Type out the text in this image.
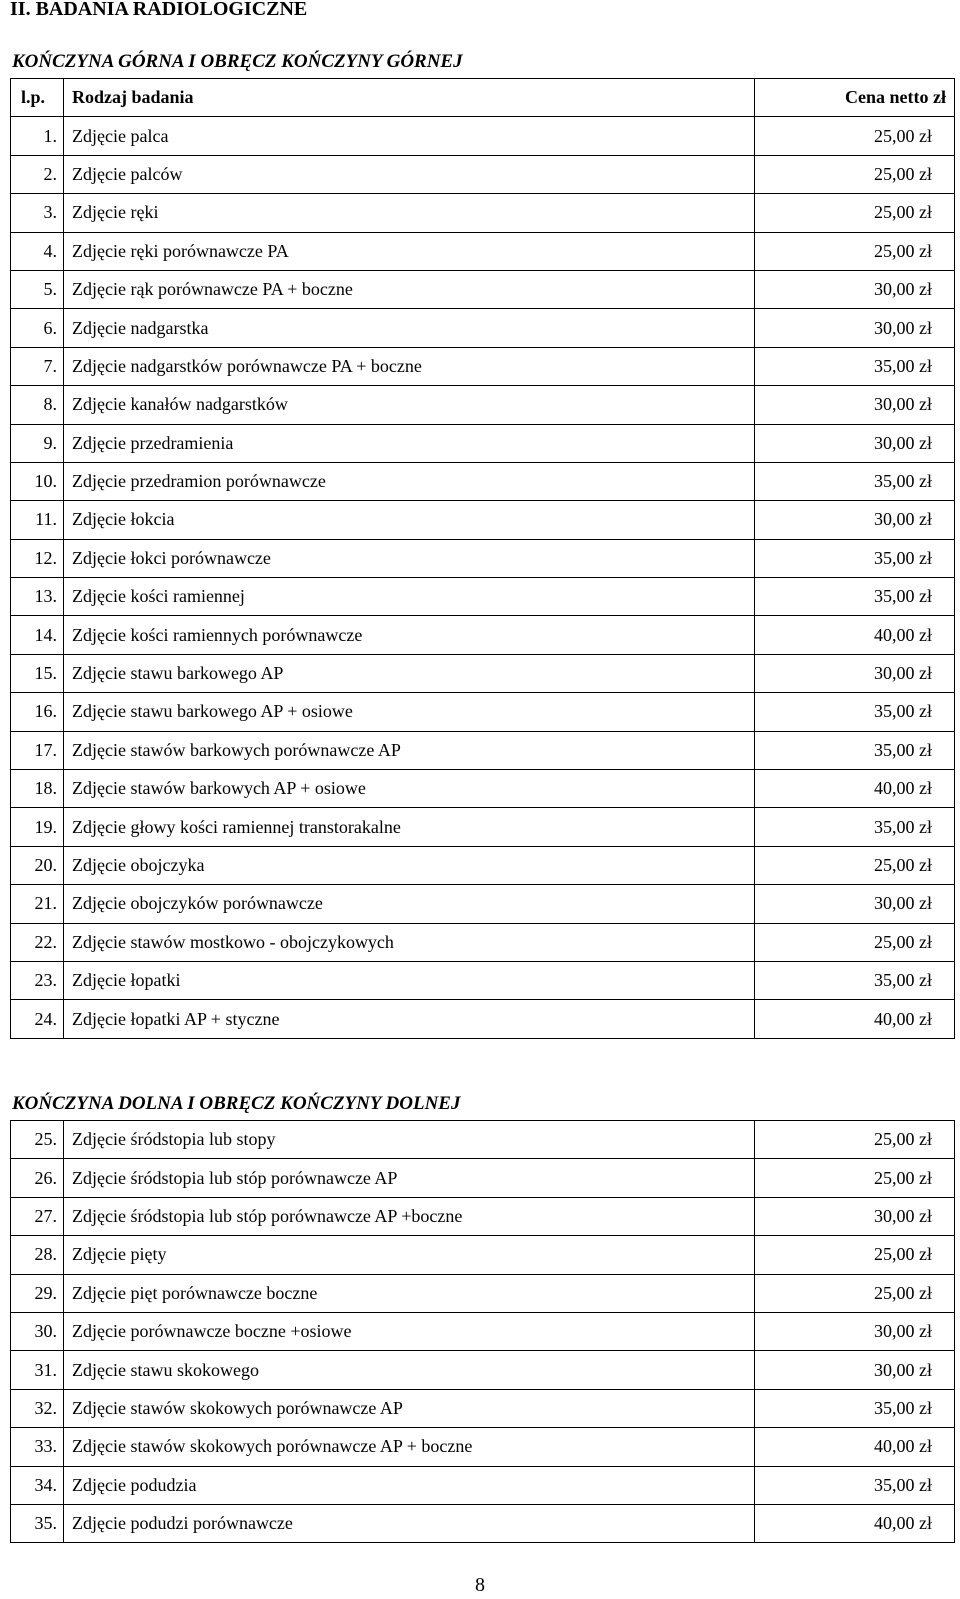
II. BADANIA RADIOLOGICZNE
KOŃCZYNA GÓRNA I OBRĘCZ KOŃCZYNY GÓRNEJ
l.p.	Rodzaj badania	Cena netto zł
1.	Zdjęcie palca	25,00 zł
2.	Zdjęcie palców	25,00 zł
3.	Zdjęcie ręki	25,00 zł
4.	Zdjęcie ręki porównawcze PA	25,00 zł
5.	Zdjęcie rąk porównawcze PA + boczne	30,00 zł
6.	Zdjęcie nadgarstka	30,00 zł
7.	Zdjęcie nadgarstków porównawcze PA + boczne	35,00 zł
8.	Zdjęcie kanałów nadgarstków	30,00 zł
9.	Zdjęcie przedramienia	30,00 zł
10.	Zdjęcie przedramion porównawcze	35,00 zł
11.	Zdjęcie łokcia	30,00 zł
12.	Zdjęcie łokci porównawcze	35,00 zł
13.	Zdjęcie kości ramiennej	35,00 zł
14.	Zdjęcie kości ramiennych porównawcze	40,00 zł
15.	Zdjęcie stawu barkowego AP	30,00 zł
16.	Zdjęcie stawu barkowego AP + osiowe	35,00 zł
17.	Zdjęcie stawów barkowych porównawcze AP	35,00 zł
18.	Zdjęcie stawów barkowych AP + osiowe	40,00 zł
19.	Zdjęcie głowy kości ramiennej transtorakalne	35,00 zł
20.	Zdjęcie obojczyka	25,00 zł
21.	Zdjęcie obojczyków porównawcze	30,00 zł
22.	Zdjęcie stawów mostkowo - obojczykowych	25,00 zł
23.	Zdjęcie łopatki	35,00 zł
24.	Zdjęcie łopatki AP + styczne	40,00 zł
KOŃCZYNA DOLNA I OBRĘCZ KOŃCZYNY DOLNEJ
25.	Zdjęcie śródstopia lub stopy	25,00 zł
26.	Zdjęcie śródstopia lub stóp porównawcze AP	25,00 zł
27.	Zdjęcie śródstopia lub stóp porównawcze AP +boczne	30,00 zł
28.	Zdjęcie pięty	25,00 zł
29.	Zdjęcie pięt porównawcze boczne	25,00 zł
30.	Zdjęcie porównawcze boczne +osiowe	30,00 zł
31.	Zdjęcie stawu skokowego	30,00 zł
32.	Zdjęcie stawów skokowych porównawcze AP	35,00 zł
33.	Zdjęcie stawów skokowych porównawcze AP + boczne	40,00 zł
34.	Zdjęcie podudzia	35,00 zł
35.	Zdjęcie podudzi porównawcze	40,00 zł
8
